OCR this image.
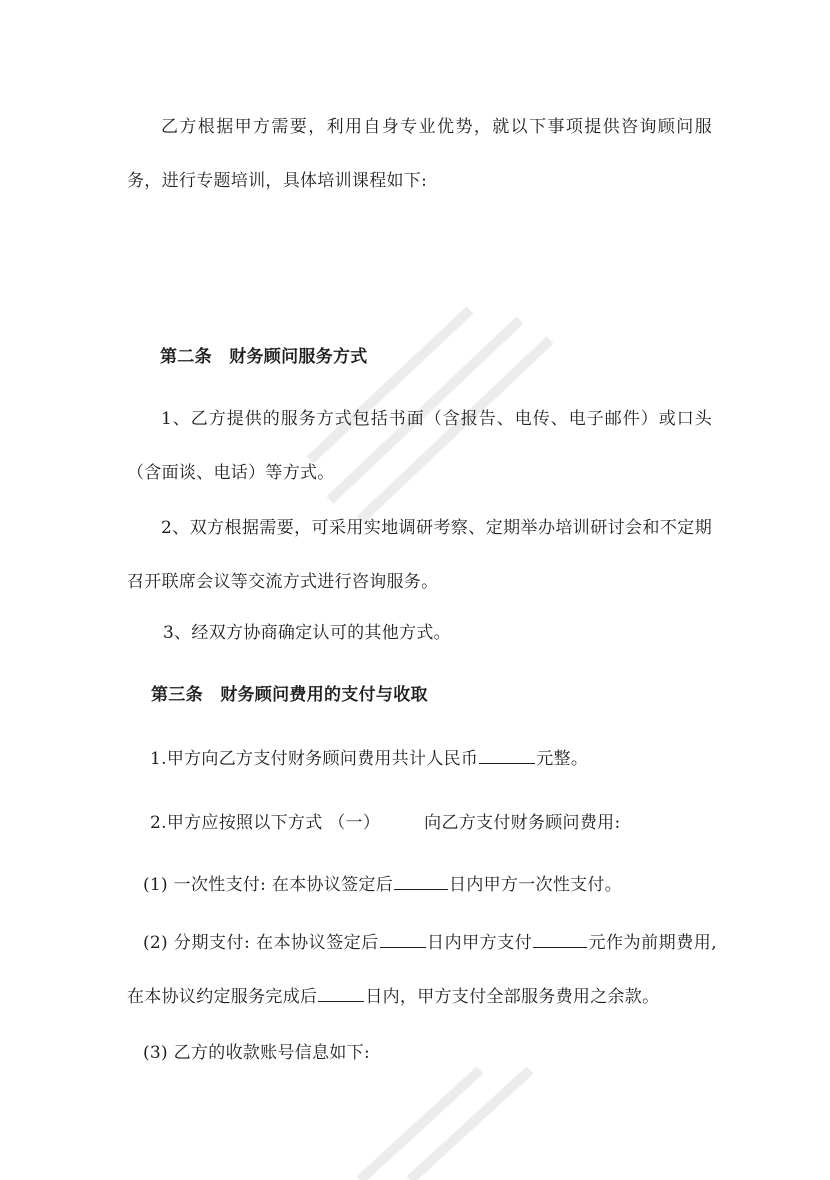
乙方根据甲方需要，利用自身专业优势，就以下事项提供咨询顾问服务，进行专题培训，具体培训课程如下:

第二条　财务顾问服务方式

1、乙方提供的服务方式包括书面（含报告、电传、电子邮件）或口头（含面谈、电话）等方式。

2、双方根据需要，可采用实地调研考察、定期举办培训研讨会和不定期召开联席会议等交流方式进行咨询服务。

3、经双方协商确定认可的其他方式。

第三条　财务顾问费用的支付与收取

1.甲方向乙方支付财务顾问费用共计人民币	元整。

2.甲方应按照以下方式 （一）	向乙方支付财务顾问费用:

(1) 一次性支付: 在本协议签定后	日内甲方一次性支付。

(2) 分期支付: 在本协议签定后	日内甲方支付	元作为前期费用,在本协议约定服务完成后	日内，甲方支付全部服务费用之余款。

(3) 乙方的收款账号信息如下:
